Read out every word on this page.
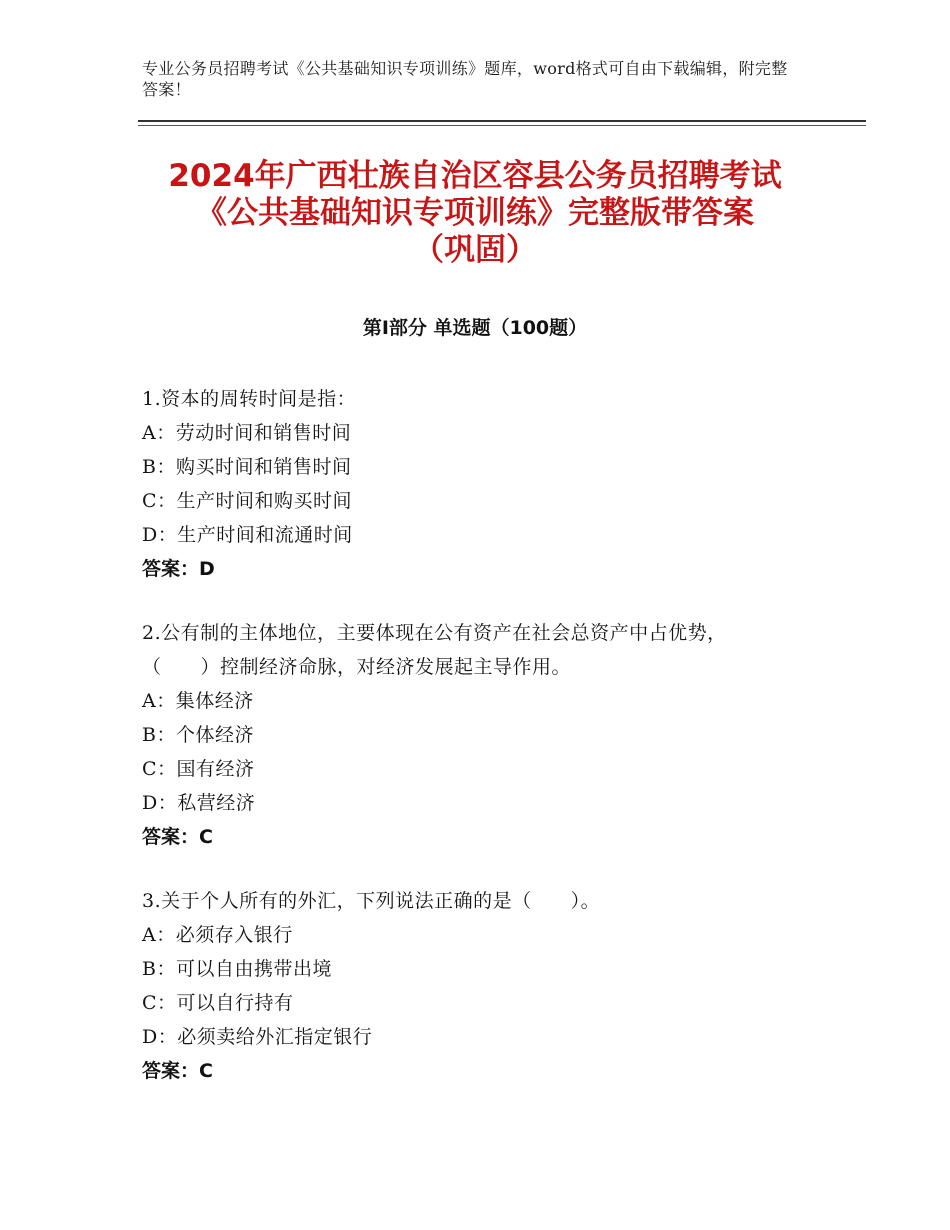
专业公务员招聘考试《公共基础知识专项训练》题库，word格式可自由下载编辑，附完整答案！
2024年广西壮族自治区容县公务员招聘考试
《公共基础知识专项训练》完整版带答案
（巩固）
第Ⅰ部分 单选题（100题）
1.资本的周转时间是指：
A：劳动时间和销售时间
B：购买时间和销售时间
C：生产时间和购买时间
D：生产时间和流通时间
答案：D
2.公有制的主体地位，主要体现在公有资产在社会总资产中占优势，
（　　）控制经济命脉，对经济发展起主导作用。
A：集体经济
B：个体经济
C：国有经济
D：私营经济
答案：C
3.关于个人所有的外汇，下列说法正确的是（　　）。
A：必须存入银行
B：可以自由携带出境
C：可以自行持有
D：必须卖给外汇指定银行
答案：C
